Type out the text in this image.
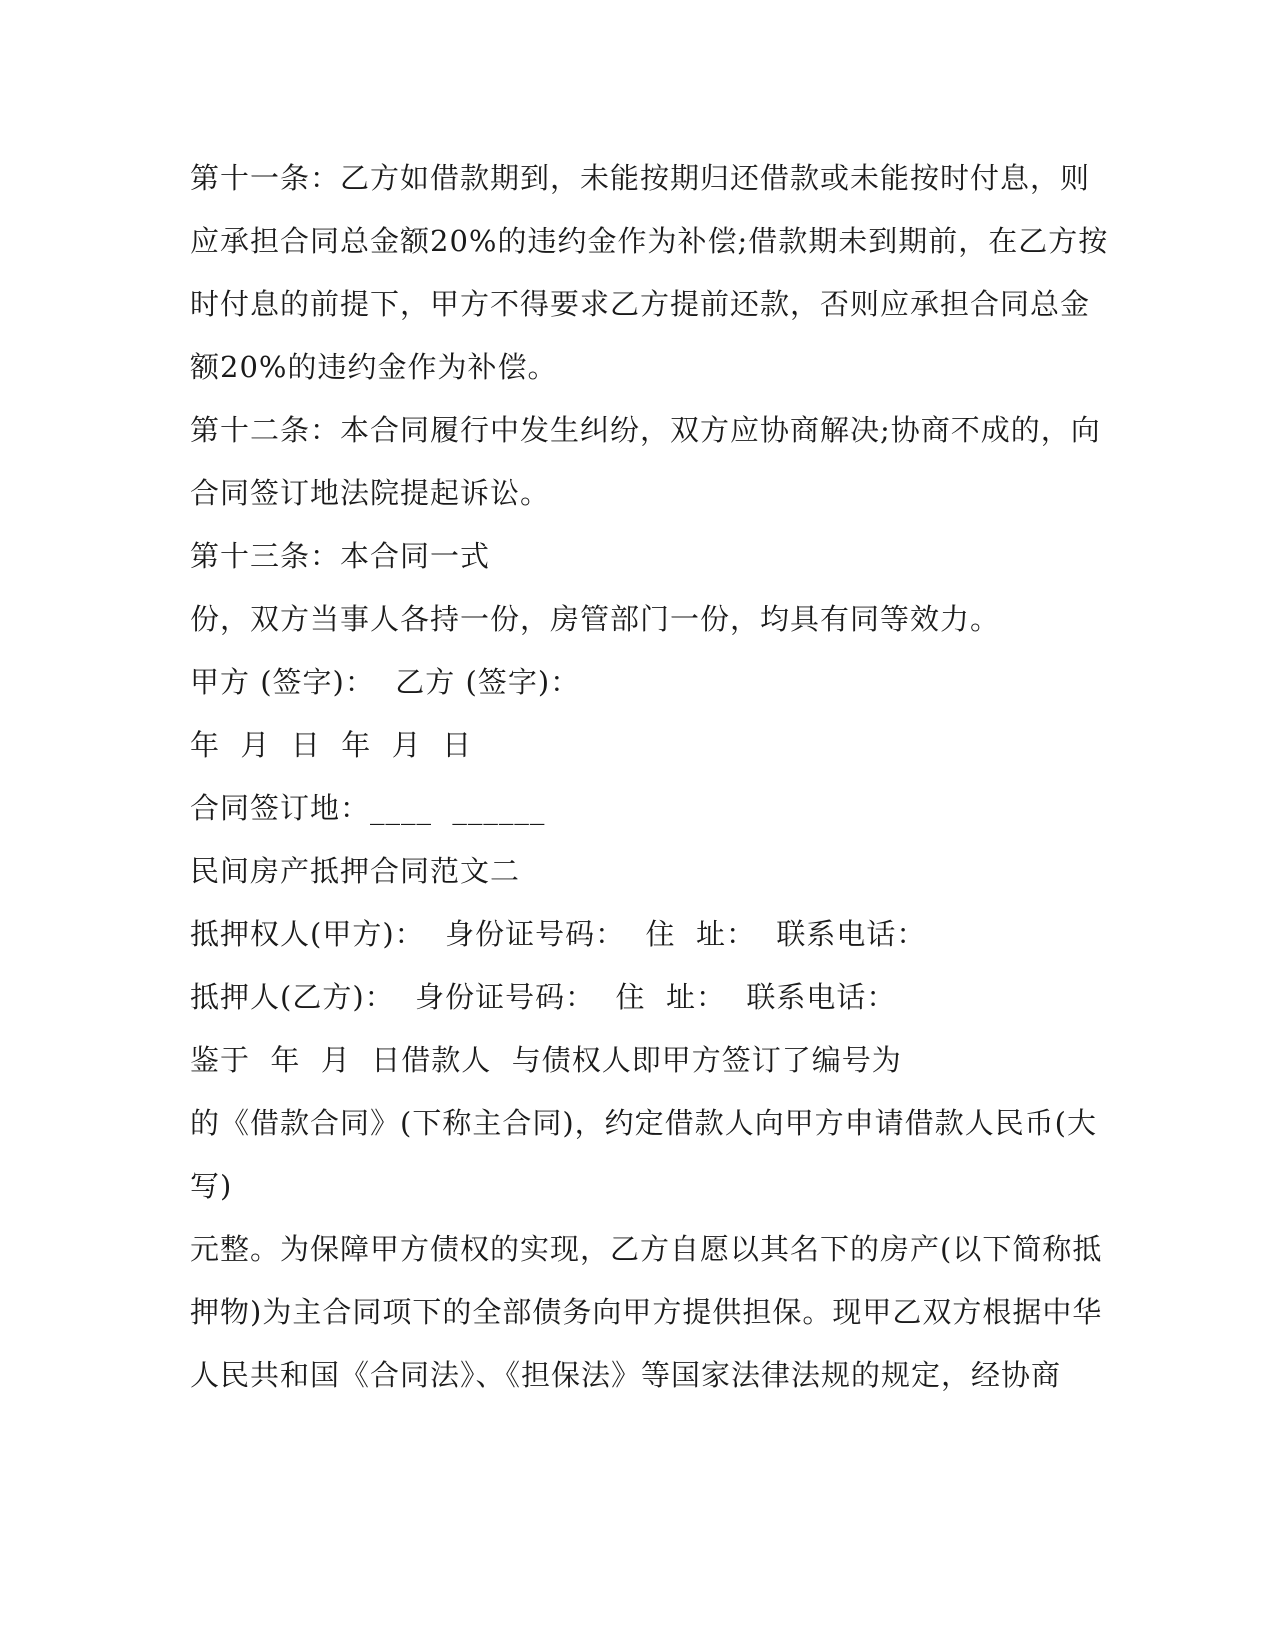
第十一条：乙方如借款期到，未能按期归还借款或未能按时付息，则
应承担合同总金额20%的违约金作为补偿;借款期未到期前，在乙方按
时付息的前提下，甲方不得要求乙方提前还款，否则应承担合同总金
额20%的违约金作为补偿。
第十二条：本合同履行中发生纠纷，双方应协商解决;协商不成的，向
合同签订地法院提起诉讼。
第十三条：本合同一式
份，双方当事人各持一份，房管部门一份，均具有同等效力。
甲方 (签字)：  乙方 (签字)：
年  月  日  年  月  日
合同签订地：____  ______
民间房产抵押合同范文二
抵押权人(甲方)：  身份证号码：  住  址：  联系电话：
抵押人(乙方)：  身份证号码：  住  址：  联系电话：
鉴于  年  月  日借款人  与债权人即甲方签订了编号为
的《借款合同》(下称主合同)，约定借款人向甲方申请借款人民币(大
写)
元整。为保障甲方债权的实现，乙方自愿以其名下的房产(以下简称抵
押物)为主合同项下的全部债务向甲方提供担保。现甲乙双方根据中华
人民共和国《合同法》、《担保法》等国家法律法规的规定，经协商
